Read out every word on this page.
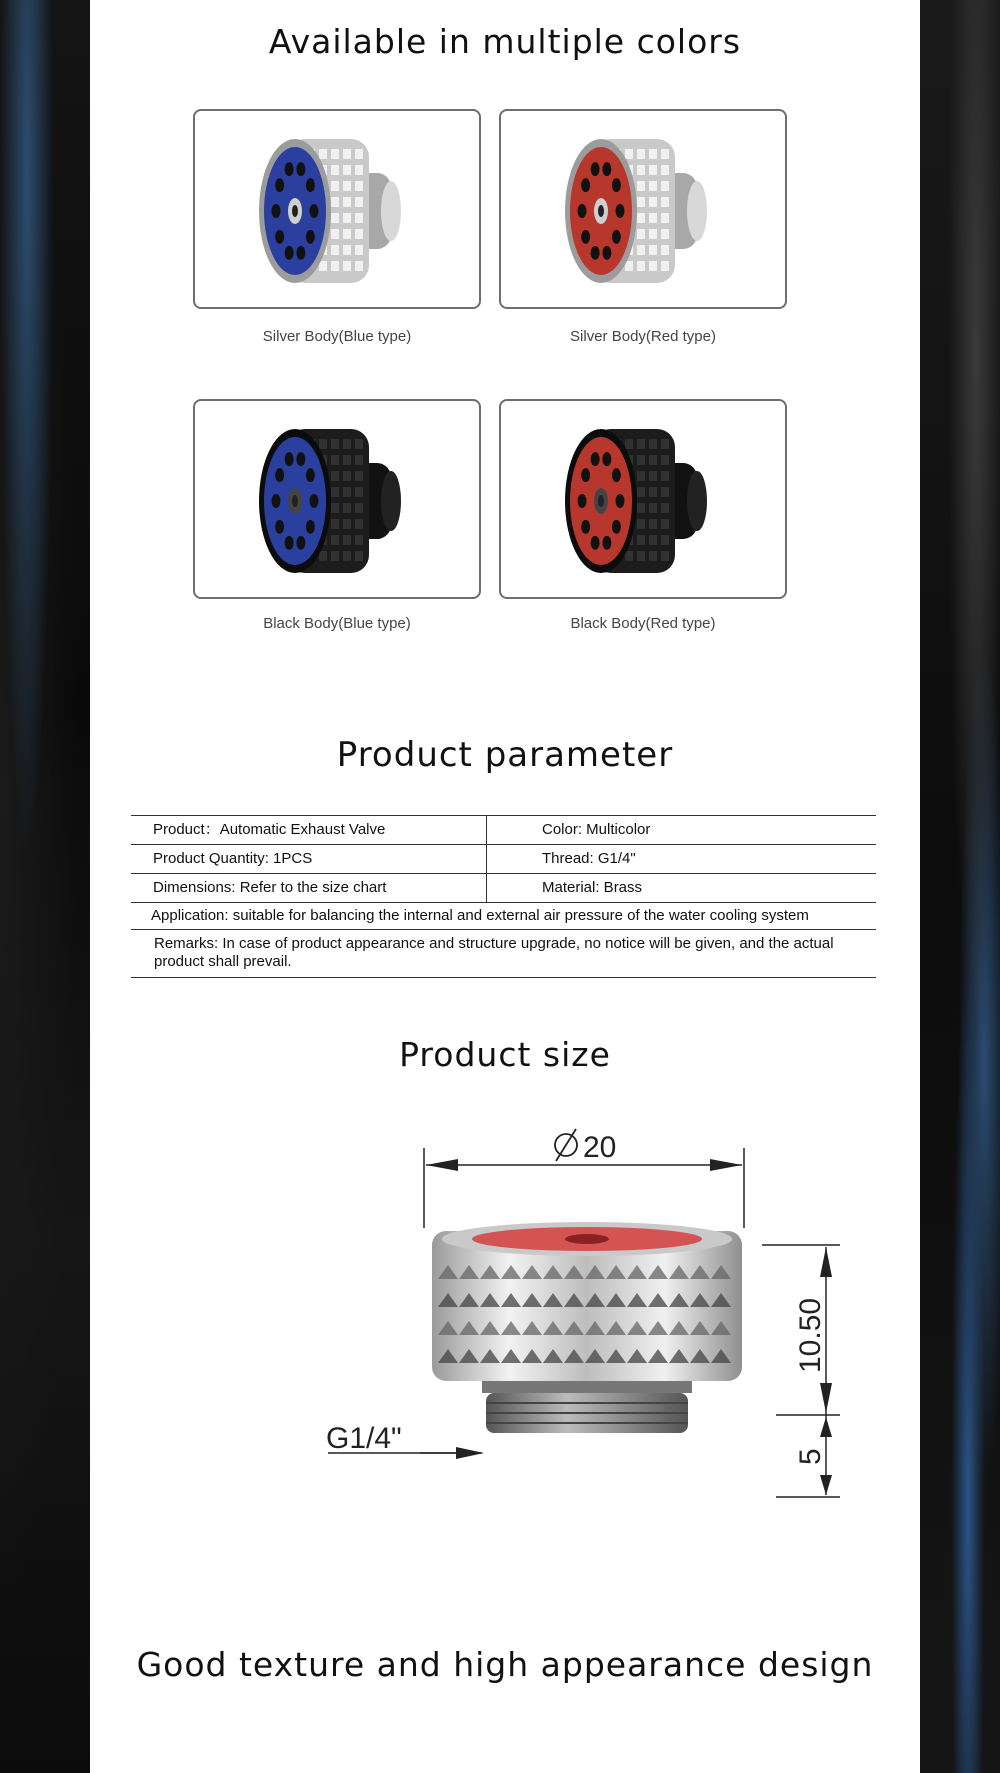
Available in multiple colors
Silver Body(Blue type)	Silver Body(Red type)
Black Body(Blue type)	Black Body(Red type)
Product parameter
Product：Automatic Exhaust Valve	Color: Multicolor
Product Quantity: 1PCS	Thread: G1/4"
Dimensions: Refer to the size chart	Material: Brass
Application: suitable for balancing the internal and external air pressure of the water cooling system	
Remarks: In case of product appearance and structure upgrade, no notice will be given, and the actual product shall prevail.	
Product size
20
G1/4"
10.50
5
Good texture and high appearance design
